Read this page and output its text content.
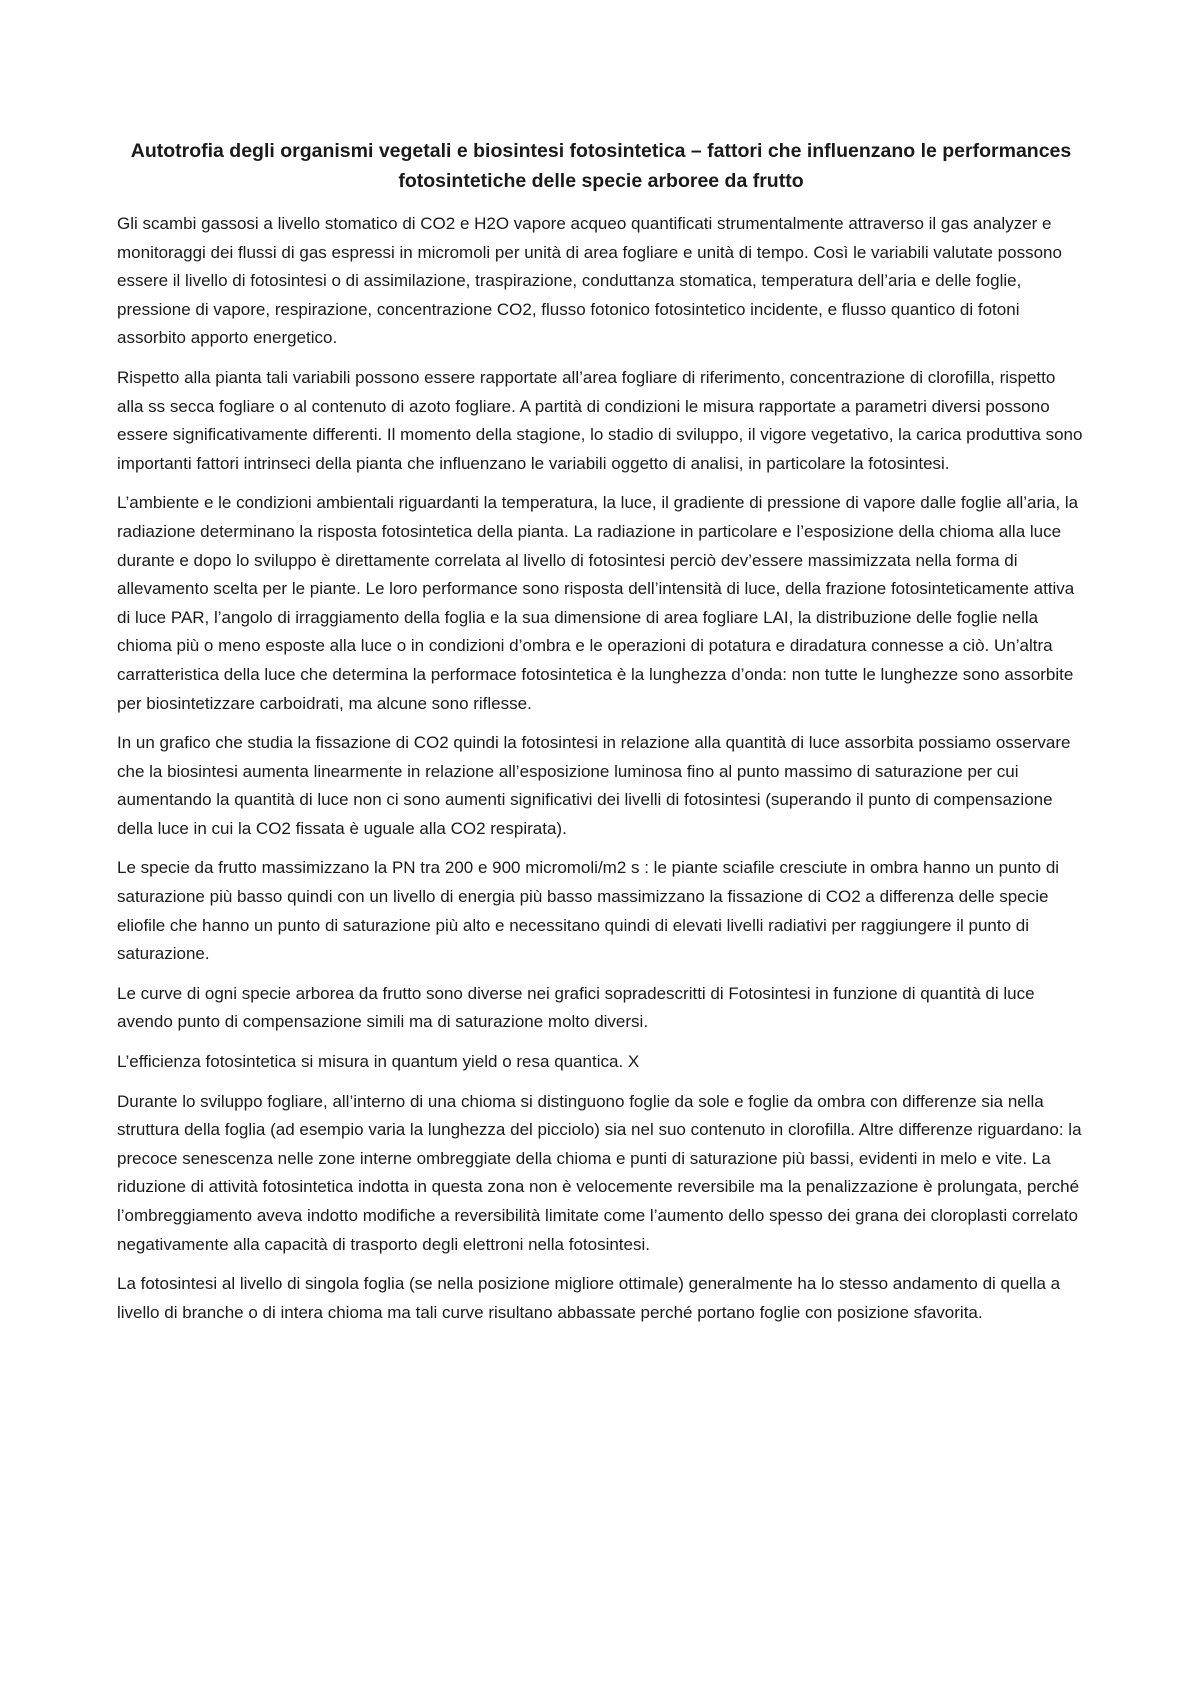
Autotrofia degli organismi vegetali e biosintesi fotosintetica – fattori che influenzano le performances fotosintetiche delle specie arboree da frutto

Gli scambi gassosi a livello stomatico di CO2 e H2O vapore acqueo quantificati strumentalmente attraverso il gas analyzer e monitoraggi dei flussi di gas espressi in micromoli per unità di area fogliare e unità di tempo. Così le variabili valutate possono essere il livello di fotosintesi o di assimilazione, traspirazione, conduttanza stomatica, temperatura dell’aria e delle foglie, pressione di vapore, respirazione, concentrazione CO2, flusso fotonico fotosintetico incidente, e flusso quantico di fotoni assorbito apporto energetico.

Rispetto alla pianta tali variabili possono essere rapportate all’area fogliare di riferimento, concentrazione di clorofilla, rispetto alla ss secca fogliare o al contenuto di azoto fogliare. A partità di condizioni le misura rapportate a parametri diversi possono essere significativamente differenti. Il momento della stagione, lo stadio di sviluppo, il vigore vegetativo, la carica produttiva sono importanti fattori intrinseci della pianta che influenzano le variabili oggetto di analisi, in particolare la fotosintesi.

L’ambiente e le condizioni ambientali riguardanti la temperatura, la luce, il gradiente di pressione di vapore dalle foglie all’aria, la radiazione determinano la risposta fotosintetica della pianta. La radiazione in particolare e l’esposizione della chioma alla luce durante e dopo lo sviluppo è direttamente correlata al livello di fotosintesi perciò dev’essere massimizzata nella forma di allevamento scelta per le piante. Le loro performance sono risposta dell’intensità di luce, della frazione fotosinteticamente attiva di luce PAR, l’angolo di irraggiamento della foglia e la sua dimensione di area fogliare LAI, la distribuzione delle foglie nella chioma più o meno esposte alla luce o in condizioni d’ombra e le operazioni di potatura e diradatura connesse a ciò. Un’altra carratteristica della luce che determina la performace fotosintetica è la lunghezza d’onda: non tutte le lunghezze sono assorbite per biosintetizzare carboidrati, ma alcune sono riflesse.

In un grafico che studia la fissazione di CO2 quindi la fotosintesi in relazione alla quantità di luce assorbita possiamo osservare che la biosintesi aumenta linearmente in relazione all’esposizione luminosa fino al punto massimo di saturazione per cui aumentando la quantità di luce non ci sono aumenti significativi dei livelli di fotosintesi (superando il punto di compensazione della luce in cui la CO2 fissata è uguale alla CO2 respirata).

Le specie da frutto massimizzano la PN tra 200 e 900 micromoli/m2 s : le piante sciafile cresciute in ombra hanno un punto di saturazione più basso quindi con un livello di energia più basso massimizzano la fissazione di CO2 a differenza delle specie eliofile che hanno un punto di saturazione più alto e necessitano quindi di elevati livelli radiativi per raggiungere il punto di saturazione.

Le curve di ogni specie arborea da frutto sono diverse nei grafici sopradescritti di Fotosintesi in funzione di quantità di luce avendo punto di compensazione simili ma di saturazione molto diversi.

L’efficienza fotosintetica si misura in quantum yield o resa quantica. X

Durante lo sviluppo fogliare, all’interno di una chioma si distinguono foglie da sole e foglie da ombra con differenze sia nella struttura della foglia (ad esempio varia la lunghezza del picciolo) sia nel suo contenuto in clorofilla. Altre differenze riguardano: la precoce senescenza nelle zone interne ombreggiate della chioma e punti di saturazione più bassi, evidenti in melo e vite. La riduzione di attività fotosintetica indotta in questa zona non è velocemente reversibile ma la penalizzazione è prolungata, perché l’ombreggiamento aveva indotto modifiche a reversibilità limitate come l’aumento dello spesso dei grana dei cloroplasti correlato negativamente alla capacità di trasporto degli elettroni nella fotosintesi.

La fotosintesi al livello di singola foglia (se nella posizione migliore ottimale) generalmente ha lo stesso andamento di quella a livello di branche o di intera chioma ma tali curve risultano abbassate perché portano foglie con posizione sfavorita.
